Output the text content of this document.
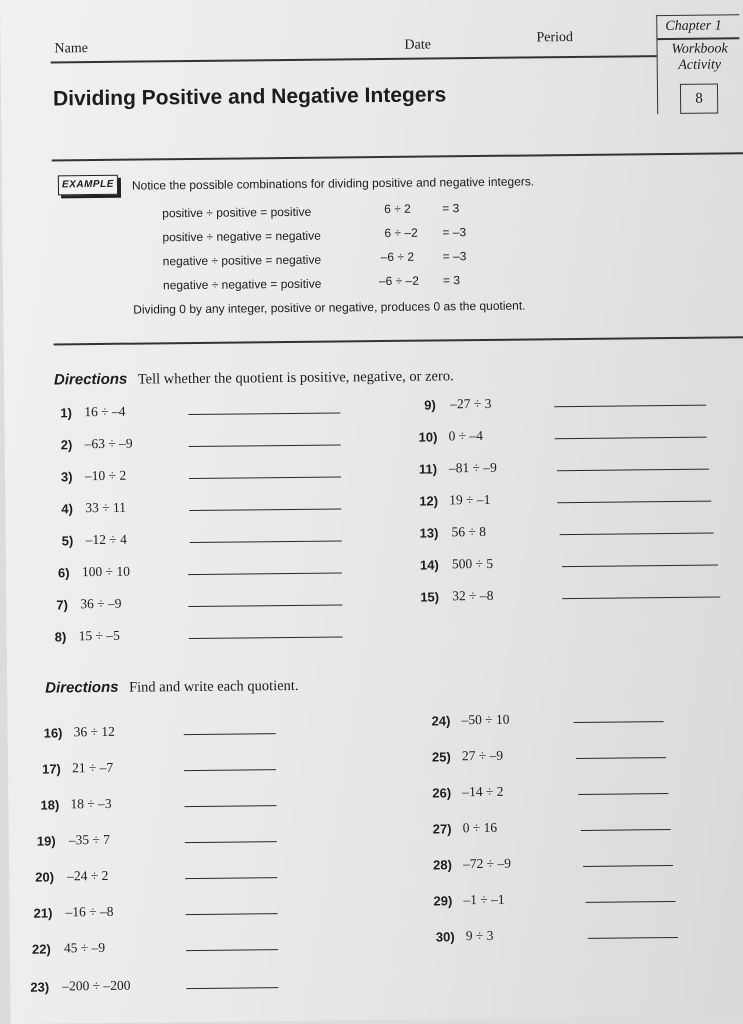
Name	Date	Period
Chapter 1
Workbook Activity
8
Dividing Positive and Negative Integers
EXAMPLE	Notice the possible combinations for dividing positive and negative integers.
positive ÷ positive = positive	6 ÷ 2	= 3
positive ÷ negative = negative	6 ÷ –2 = –3
negative ÷ positive = negative	–6 ÷ 2 = –3
negative ÷ negative = positive	–6 ÷ –2 = 3
Dividing 0 by any integer, positive or negative, produces 0 as the quotient.
Directions Tell whether the quotient is positive, negative, or zero.
1) 16 ÷ –4
2) –63 ÷ –9
3) –10 ÷ 2
4) 33 ÷ 11
5) –12 ÷ 4
6) 100 ÷ 10
7) 36 ÷ –9
8) 15 ÷ –5
9) –27 ÷ 3
10) 0 ÷ –4
11) –81 ÷ –9
12) 19 ÷ –1
13) 56 ÷ 8
14) 500 ÷ 5
15) 32 ÷ –8
Directions Find and write each quotient.
16) 36 ÷ 12
17) 21 ÷ –7
18) 18 ÷ –3
19) –35 ÷ 7
20) –24 ÷ 2
21) –16 ÷ –8
22) 45 ÷ –9
23) –200 ÷ –200
24) –50 ÷ 10
25) 27 ÷ –9
26) –14 ÷ 2
27) 0 ÷ 16
28) –72 ÷ –9
29) –1 ÷ –1
30) 9 ÷ 3
